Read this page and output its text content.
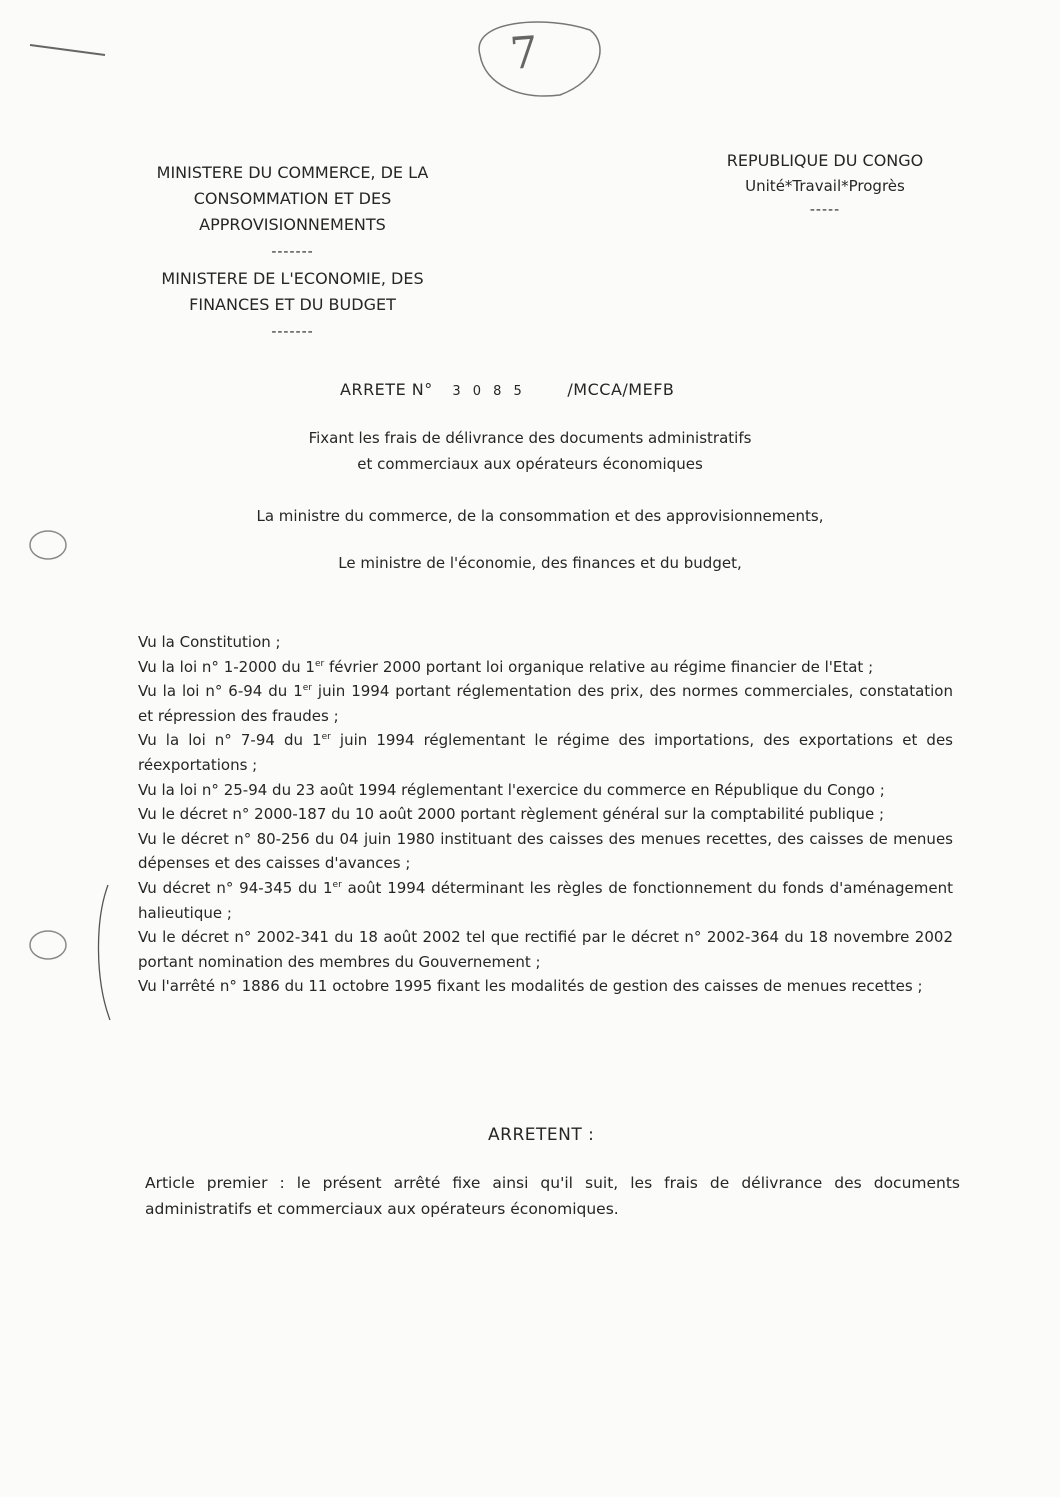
7
MINISTERE DU COMMERCE, DE LA
CONSOMMATION ET DES
APPROVISIONNEMENTS
-------
MINISTERE DE L'ECONOMIE, DES
FINANCES ET DU BUDGET
-------
REPUBLIQUE DU CONGO
Unité*Travail*Progrès
-----
ARRETE N° 3 0 8 5	/MCCA/MEFB
Fixant les frais de délivrance des documents administratifs
et commerciaux aux opérateurs économiques
La ministre du commerce, de la consommation et des approvisionnements,
Le ministre de l'économie, des finances et du budget,

Vu la Constitution ;

Vu la loi n° 1-2000 du 1er février 2000 portant loi organique relative au régime financier de l'Etat ;

Vu la loi n° 6-94 du 1er juin 1994 portant réglementation des prix, des normes commerciales, constatation et répression des fraudes ;

Vu la loi n° 7-94 du 1er juin 1994 réglementant le régime des importations, des exportations et des réexportations ;

Vu la loi n° 25-94 du 23 août 1994 réglementant l'exercice du commerce en République du Congo ;

Vu le décret n° 2000-187 du 10 août 2000 portant règlement général sur la comptabilité publique ;

Vu le décret n° 80-256 du 04 juin 1980 instituant des caisses des menues recettes, des caisses de menues dépenses et des caisses d'avances ;

Vu décret n° 94-345 du 1er août 1994 déterminant les règles de fonctionnement du fonds d'aménagement halieutique ;

Vu le décret n° 2002-341 du 18 août 2002 tel que rectifié par le décret n° 2002-364 du 18 novembre 2002 portant nomination des membres du Gouvernement ;

Vu l'arrêté n° 1886 du 11 octobre 1995 fixant les modalités de gestion des caisses de menues recettes ;

ARRETENT :
Article premier : le présent arrêté fixe ainsi qu'il suit, les frais de délivrance des documents administratifs et commerciaux aux opérateurs économiques.
